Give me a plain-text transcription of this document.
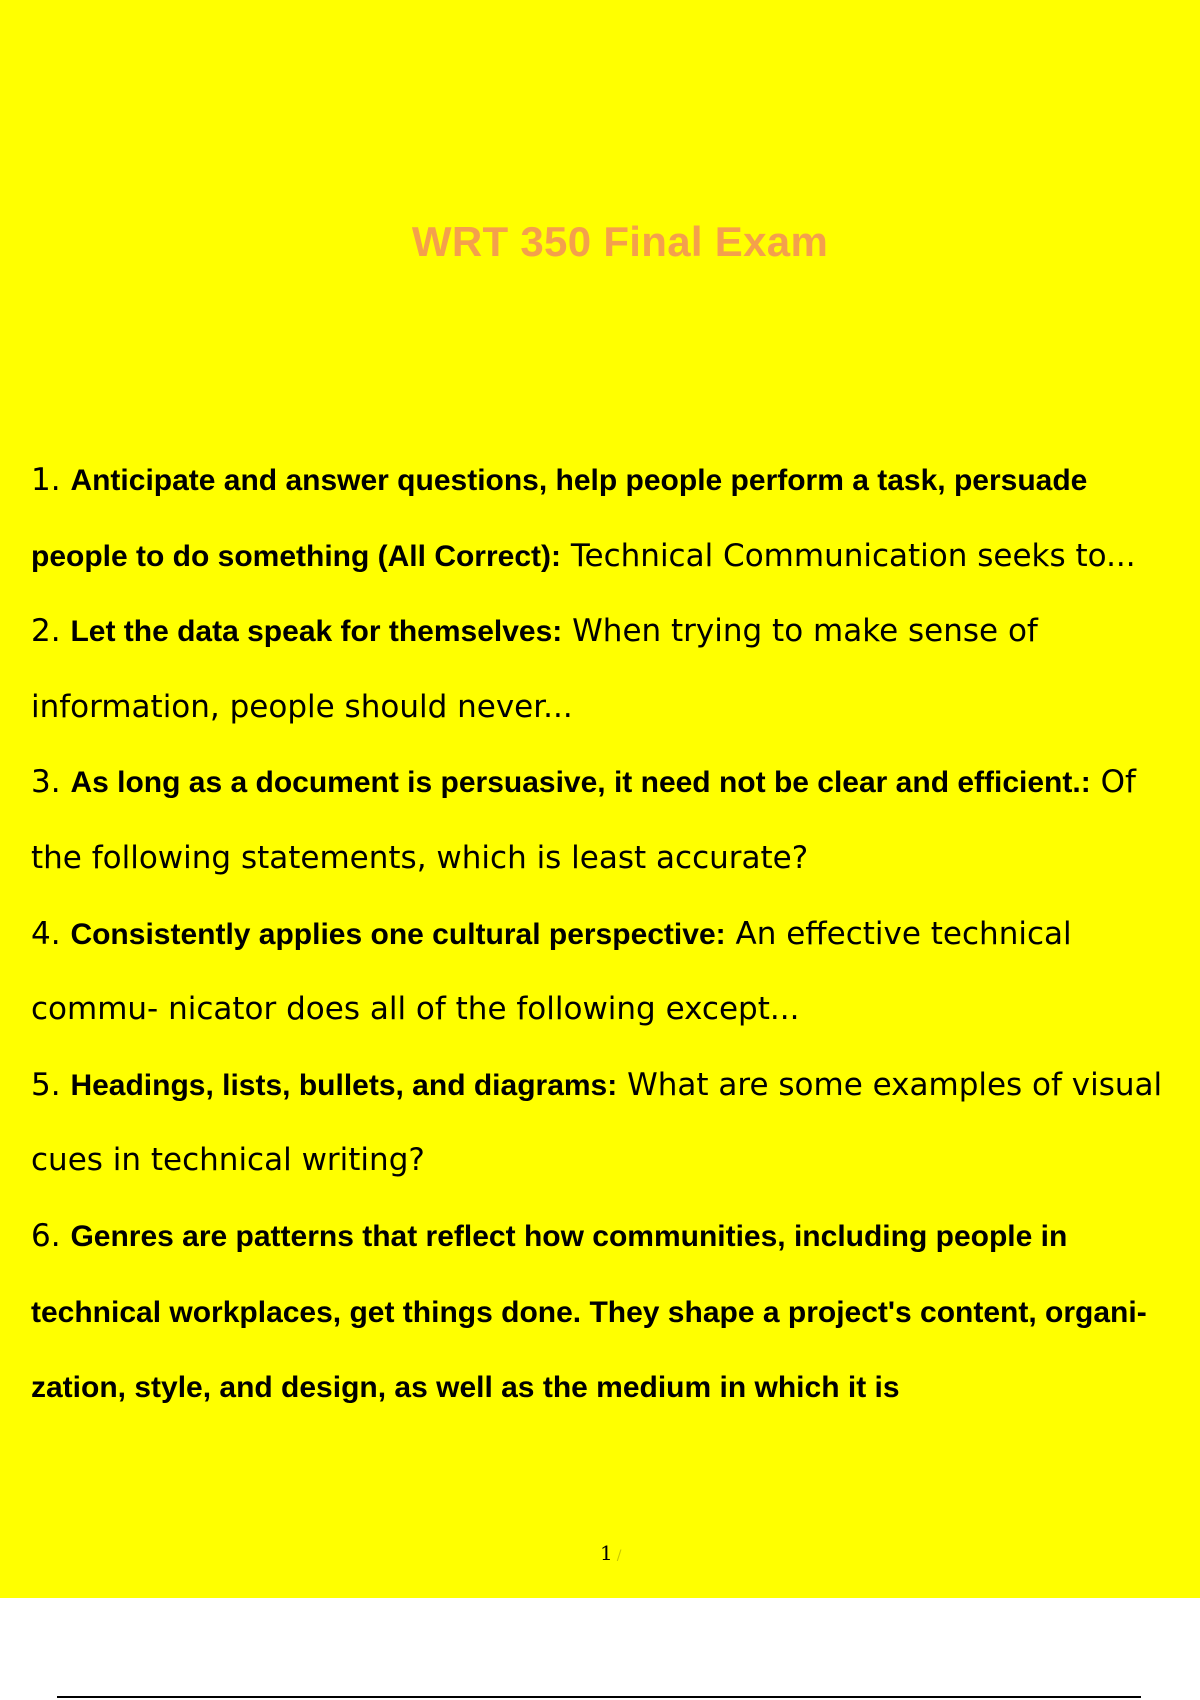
WRT 350 Final Exam

1. Anticipate and answer questions, help people perform a task, persuade people to do something (All Correct): Technical Communication seeks to...

2. Let the data speak for themselves: When trying to make sense of information, people should never...

3. As long as a document is persuasive, it need not be clear and efficient.: Of the following statements, which is least accurate?

4. Consistently applies one cultural perspective: An effective technical commu- nicator does all of the following except...

5. Headings, lists, bullets, and diagrams: What are some examples of visual cues in technical writing?

6. Genres are patterns that reflect how communities, including people in technical workplaces, get things done. They shape a project's content, organi- zation, style, and design, as well as the medium in which it is

1 /
